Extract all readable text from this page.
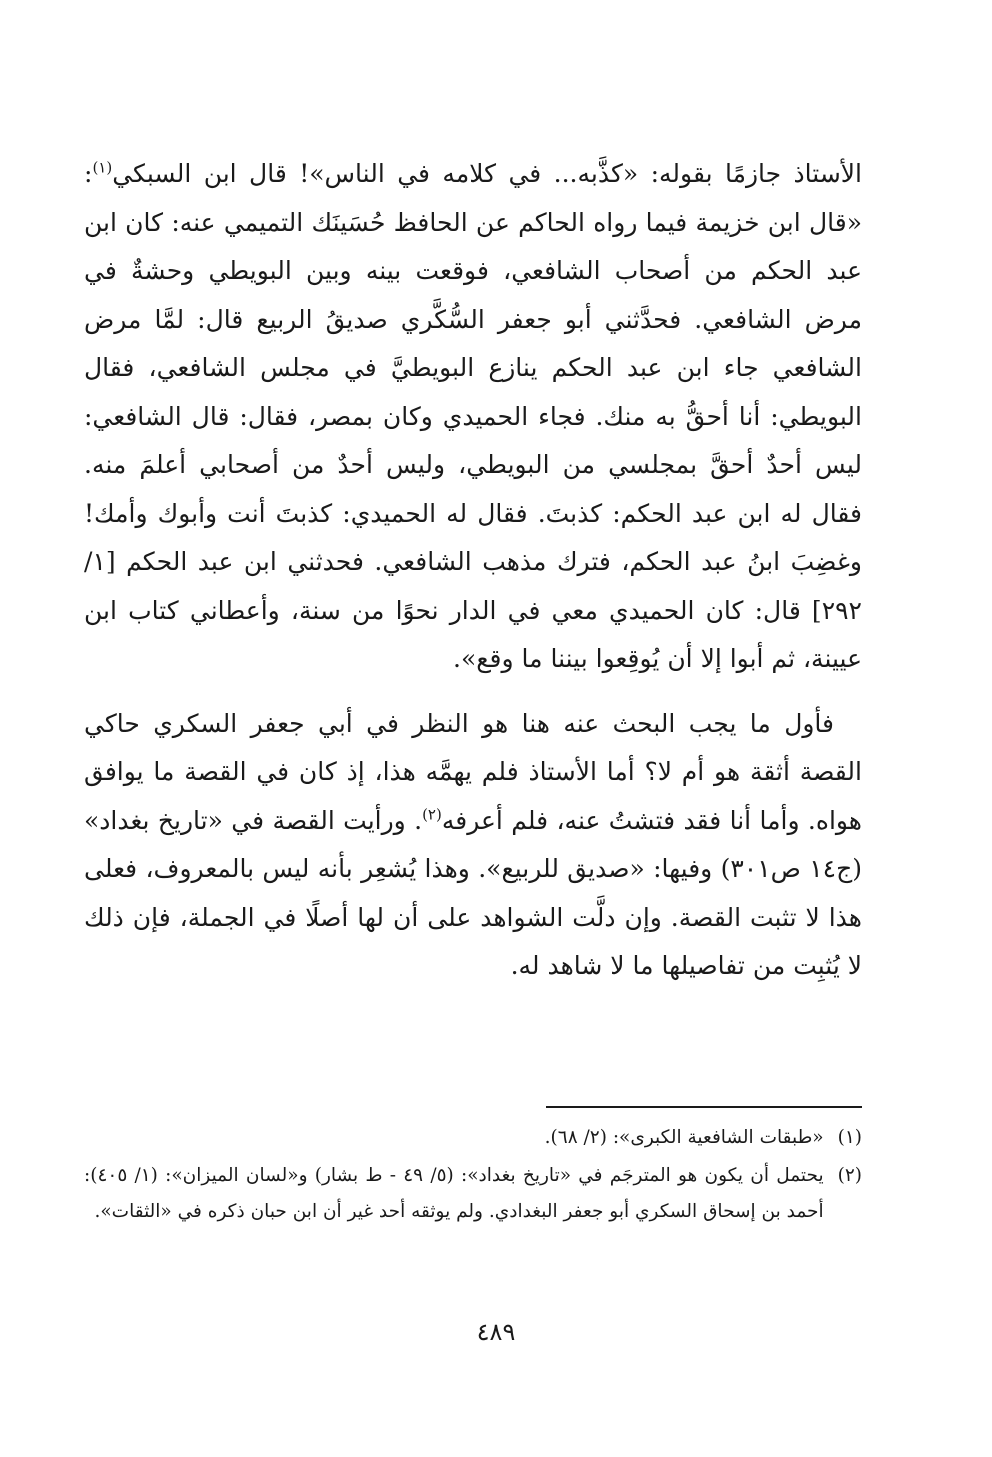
الأستاذ جازمًا بقوله: «كذَّبه... في كلامه في الناس»! قال ابن السبكي$^{(١)}$: «قال ابن خزيمة فيما رواه الحاكم عن الحافظ حُسَينَك التميمي عنه: كان ابن عبد الحكم من أصحاب الشافعي، فوقعت بينه وبين البويطي وحشةٌ في مرض الشافعي. فحدَّثني أبو جعفر السُّكَّري صديقُ الربيع قال: لمَّا مرض الشافعي جاء ابن عبد الحكم ينازع البويطيَّ في مجلس الشافعي، فقال البويطي: أنا أحقُّ به منك. فجاء الحميدي وكان بمصر، فقال: قال الشافعي: ليس أحدٌ أحقَّ بمجلسي من البويطي، وليس أحدٌ من أصحابي أعلمَ منه. فقال له ابن عبد الحكم: كذبتَ. فقال له الحميدي: كذبتَ أنت وأبوك وأمك! وغضِبَ ابنُ عبد الحكم، فترك مذهب الشافعي. فحدثني ابن عبد الحكم [١/ ٢٩٢] قال: كان الحميدي معي في الدار نحوًا من سنة، وأعطاني كتاب ابن عيينة، ثم أبوا إلا أن يُوقِعوا بيننا ما وقع».

فأول ما يجب البحث عنه هنا هو النظر في أبي جعفر السكري حاكي القصة أثقة هو أم لا؟ أما الأستاذ فلم يهمَّه هذا، إذ كان في القصة ما يوافق هواه. وأما أنا فقد فتشتُ عنه، فلم أعرفه$^{(٢)}$. ورأيت القصة في «تاريخ بغداد» (ج١٤ ص٣٠١) وفيها: «صديق للربيع». وهذا يُشعِر بأنه ليس بالمعروف، فعلى هذا لا تثبت القصة. وإن دلَّت الشواهد على أن لها أصلًا في الجملة، فإن ذلك لا يُثبِت من تفاصيلها ما لا شاهد له.

(١)
«طبقات الشافعية الكبرى»: (٢/ ٦٨).
(٢)
يحتمل أن يكون هو المترجَم في «تاريخ بغداد»: (٥/ ٤٩ - ط بشار) و«لسان الميزان»: (١/ ٤٠٥): أحمد بن إسحاق السكري أبو جعفر البغدادي. ولم يوثقه أحد غير أن ابن حبان ذكره في «الثقات».
٤٨٩
